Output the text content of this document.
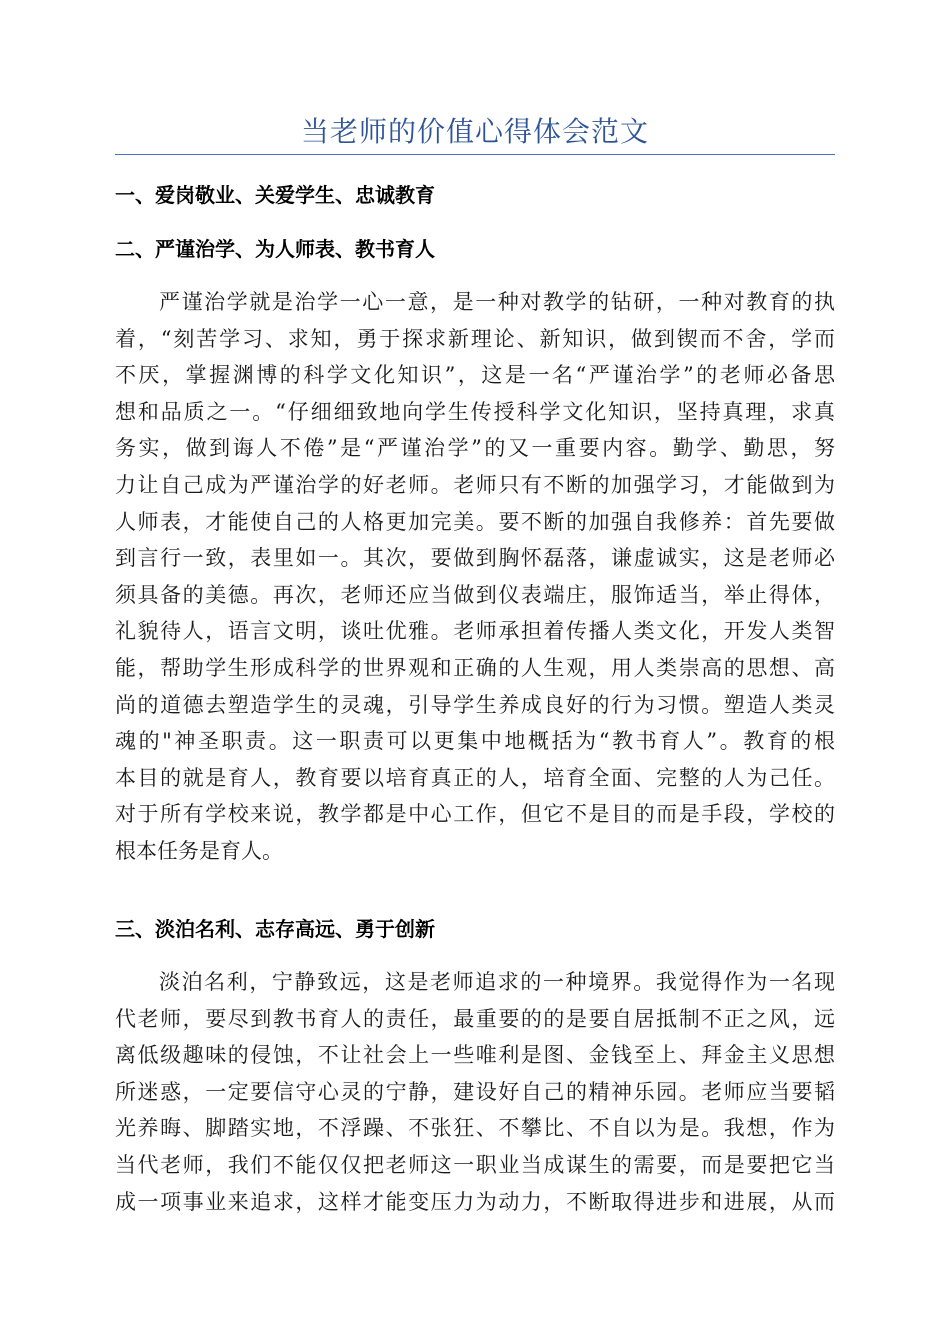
当老师的价值心得体会范文
一、爱岗敬业、关爱学生、忠诚教育
二、严谨治学、为人师表、教书育人
严谨治学就是治学一心一意，是一种对教学的钻研，一种对教育的执
着，“刻苦学习、求知，勇于探求新理论、新知识，做到锲而不舍，学而
不厌，掌握渊博的科学文化知识”，这是一名“严谨治学”的老师必备思
想和品质之一。“仔细细致地向学生传授科学文化知识，坚持真理，求真
务实，做到诲人不倦”是“严谨治学”的又一重要内容。勤学、勤思，努
力让自己成为严谨治学的好老师。老师只有不断的加强学习，才能做到为
人师表，才能使自己的人格更加完美。要不断的加强自我修养：首先要做
到言行一致，表里如一。其次，要做到胸怀磊落，谦虚诚实，这是老师必
须具备的美德。再次，老师还应当做到仪表端庄，服饰适当，举止得体，
礼貌待人，语言文明，谈吐优雅。老师承担着传播人类文化，开发人类智
能，帮助学生形成科学的世界观和正确的人生观，用人类崇高的思想、高
尚的道德去塑造学生的灵魂，引导学生养成良好的行为习惯。塑造人类灵
魂的"神圣职责。这一职责可以更集中地概括为“教书育人”。教育的根
本目的就是育人，教育要以培育真正的人，培育全面、完整的人为己任。
对于所有学校来说，教学都是中心工作，但它不是目的而是手段，学校的
根本任务是育人。
三、淡泊名利、志存高远、勇于创新
淡泊名利，宁静致远，这是老师追求的一种境界。我觉得作为一名现
代老师，要尽到教书育人的责任，最重要的的是要自居抵制不正之风，远
离低级趣味的侵蚀，不让社会上一些唯利是图、金钱至上、拜金主义思想
所迷惑，一定要信守心灵的宁静，建设好自己的精神乐园。老师应当要韬
光养晦、脚踏实地，不浮躁、不张狂、不攀比、不自以为是。我想，作为
当代老师，我们不能仅仅把老师这一职业当成谋生的需要，而是要把它当
成一项事业来追求，这样才能变压力为动力，不断取得进步和进展，从而
